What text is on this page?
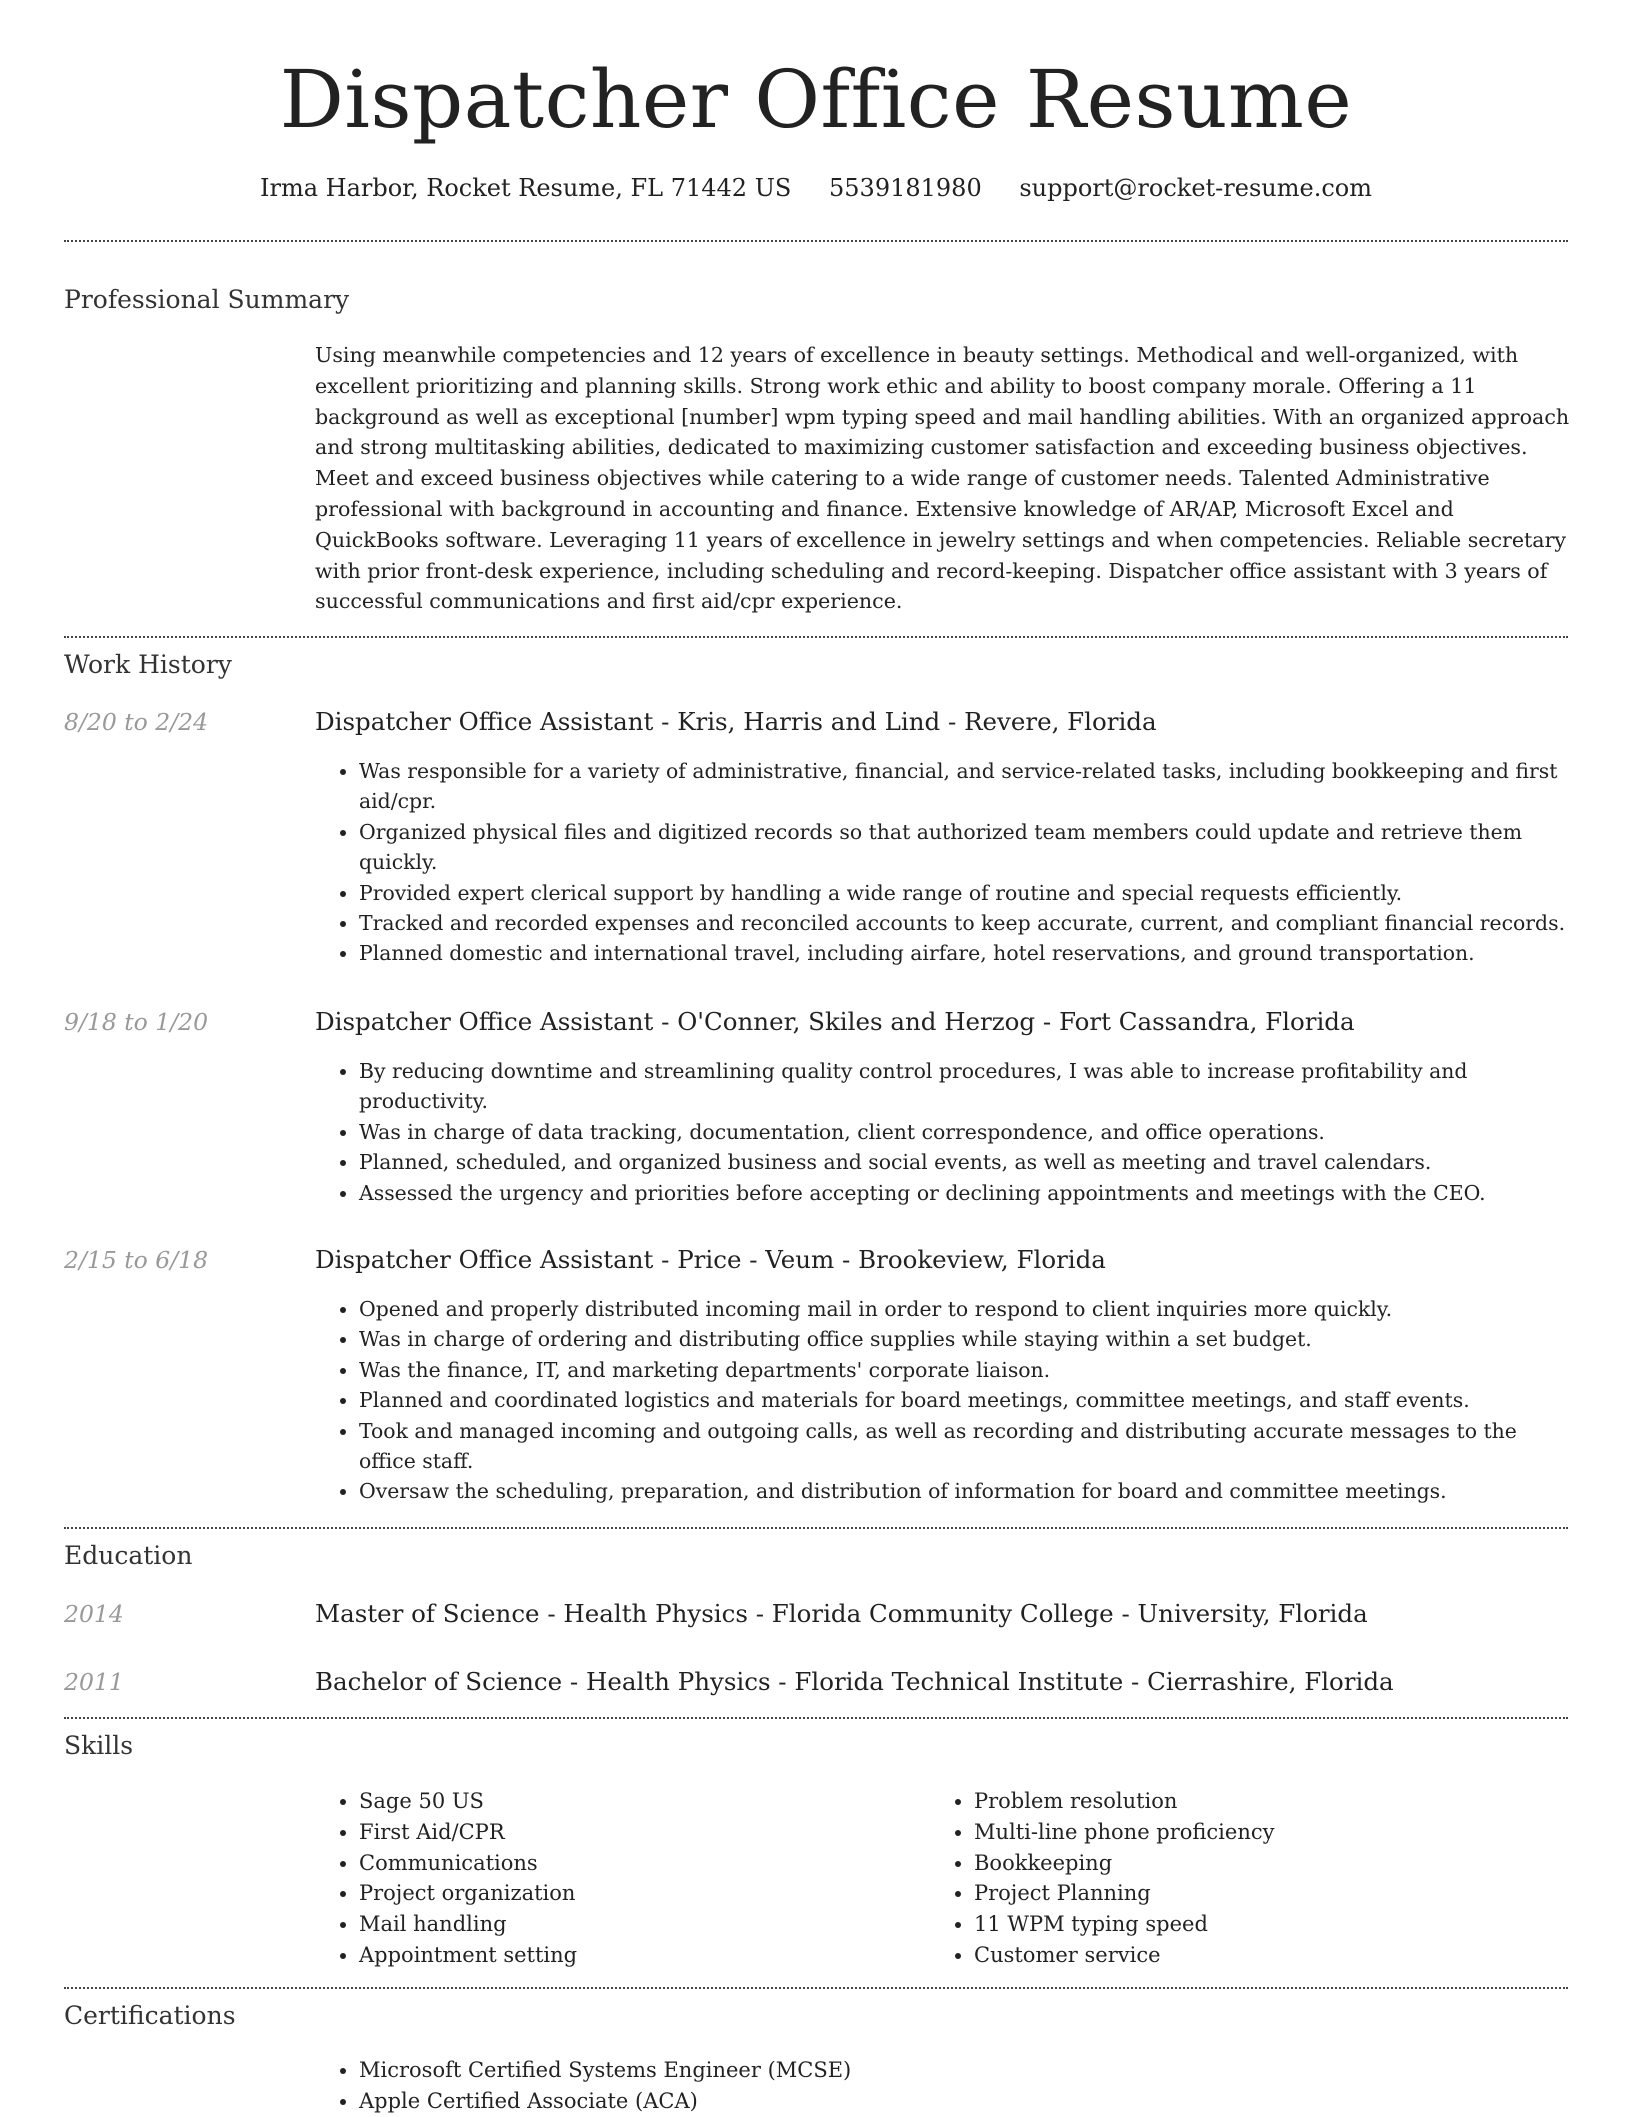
Dispatcher Office Resume
Irma Harbor, Rocket Resume, FL 71442 US 5539181980 support@rocket-resume.com
Professional Summary
Using meanwhile competencies and 12 years of excellence in beauty settings. Methodical and well-organized, with excellent prioritizing and planning skills. Strong work ethic and ability to boost company morale. Offering a 11 background as well as exceptional [number] wpm typing speed and mail handling abilities. With an organized approach and strong multitasking abilities, dedicated to maximizing customer satisfaction and exceeding business objectives. Meet and exceed business objectives while catering to a wide range of customer needs. Talented Administrative professional with background in accounting and finance. Extensive knowledge of AR/AP, Microsoft Excel and QuickBooks software. Leveraging 11 years of excellence in jewelry settings and when competencies. Reliable secretary with prior front-desk experience, including scheduling and record-keeping. Dispatcher office assistant with 3 years of successful communications and first aid/cpr experience.
Work History
8/20 to 2/24	Dispatcher Office Assistant - Kris, Harris and Lind - Revere, Florida
• Was responsible for a variety of administrative, financial, and service-related tasks, including bookkeeping and first aid/cpr.
• Organized physical files and digitized records so that authorized team members could update and retrieve them quickly.
• Provided expert clerical support by handling a wide range of routine and special requests efficiently.
• Tracked and recorded expenses and reconciled accounts to keep accurate, current, and compliant financial records.
• Planned domestic and international travel, including airfare, hotel reservations, and ground transportation.
9/18 to 1/20	Dispatcher Office Assistant - O'Conner, Skiles and Herzog - Fort Cassandra, Florida
• By reducing downtime and streamlining quality control procedures, I was able to increase profitability and productivity.
• Was in charge of data tracking, documentation, client correspondence, and office operations.
• Planned, scheduled, and organized business and social events, as well as meeting and travel calendars.
• Assessed the urgency and priorities before accepting or declining appointments and meetings with the CEO.
2/15 to 6/18	Dispatcher Office Assistant - Price - Veum - Brookeview, Florida
• Opened and properly distributed incoming mail in order to respond to client inquiries more quickly.
• Was in charge of ordering and distributing office supplies while staying within a set budget.
• Was the finance, IT, and marketing departments' corporate liaison.
• Planned and coordinated logistics and materials for board meetings, committee meetings, and staff events.
• Took and managed incoming and outgoing calls, as well as recording and distributing accurate messages to the office staff.
• Oversaw the scheduling, preparation, and distribution of information for board and committee meetings.
Education
2014	Master of Science - Health Physics - Florida Community College - University, Florida
2011	Bachelor of Science - Health Physics - Florida Technical Institute - Cierrashire, Florida
Skills
• Sage 50 US
• First Aid/CPR
• Communications
• Project organization
• Mail handling
• Appointment setting
• Problem resolution
• Multi-line phone proficiency
• Bookkeeping
• Project Planning
• 11 WPM typing speed
• Customer service
Certifications
• Microsoft Certified Systems Engineer (MCSE)
• Apple Certified Associate (ACA)
